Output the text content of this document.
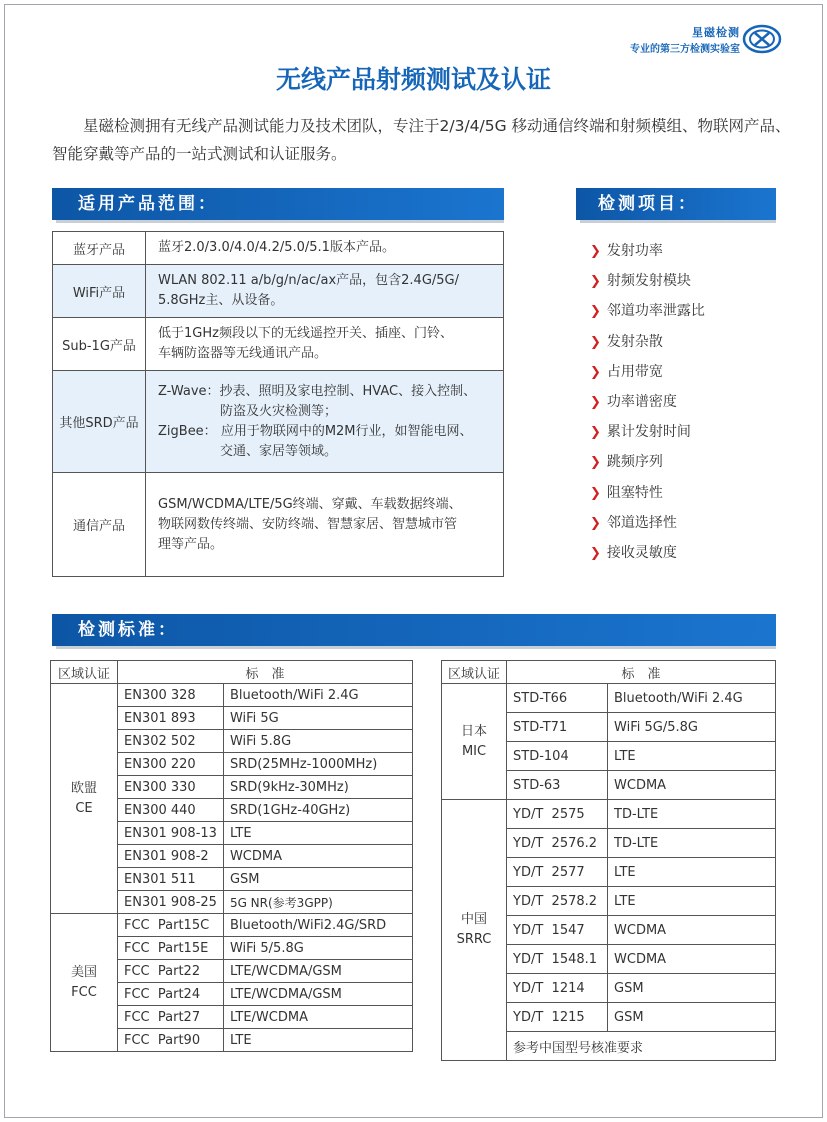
星磁检测
专业的第三方检测实验室
无线产品射频测试及认证
星磁检测拥有无线产品测试能力及技术团队，专注于2/3/4/5G 移动通信终端和射频模组、物联网产品、智能穿戴等产品的一站式测试和认证服务。
适用产品范围：	检测项目：
蓝牙产品	蓝牙2.0/3.0/4.0/4.2/5.0/5.1版本产品。

WiFi产品	WLAN 802.11 a/b/g/n/ac/ax产品，包含2.4G/5G/
5.8GHz主、从设备。

Sub-1G产品	低于1GHz频段以下的无线遥控开关、插座、门铃、
车辆防盗器等无线通讯产品。

其他SRD产品	Z-Wave：抄表、照明及家电控制、HVAC、接入控制、
防盗及火灾检测等；
ZigBee： 应用于物联网中的M2M行业，如智能电网、
交通、家居等领域。

通信产品	GSM/WCDMA/LTE/5G终端、穿戴、车载数据终端、
物联网数传终端、安防终端、智慧家居、智慧城市管
理等产品。
❯ 发射功率
❯ 射频发射模块
❯ 邻道功率泄露比
❯ 发射杂散
❯ 占用带宽
❯ 功率谱密度
❯ 累计发射时间
❯ 跳频序列
❯ 阻塞特性
❯ 邻道选择性
❯ 接收灵敏度
检测标准：
区域认证	标　准	

欧盟
CE	EN300 328	Bluetooth/WiFi 2.4G
	EN301 893	WiFi 5G
	EN302 502	WiFi 5.8G
	EN300 220	SRD(25MHz-1000MHz)
	EN300 330	SRD(9kHz-30MHz)
	EN300 440	SRD(1GHz-40GHz)
	EN301 908-13	LTE
	EN301 908-2	WCDMA
	EN301 511	GSM
	EN301 908-25	5G NR(参考3GPP)

美国
FCC	FCC  Part15C	Bluetooth/WiFi2.4G/SRD
	FCC  Part15E	WiFi 5/5.8G
	FCC  Part22	LTE/WCDMA/GSM
	FCC  Part24	LTE/WCDMA/GSM
	FCC  Part27	LTE/WCDMA
	FCC  Part90	LTE
区域认证	标　准	

日本
MIC	STD-T66	Bluetooth/WiFi 2.4G
	STD-T71	WiFi 5G/5.8G
	STD-104	LTE
	STD-63	WCDMA

中国
SRRC	YD/T  2575	TD-LTE
	YD/T  2576.2	TD-LTE
	YD/T  2577	LTE
	YD/T  2578.2	LTE
	YD/T  1547	WCDMA
	YD/T  1548.1	WCDMA
	YD/T  1214	GSM
	YD/T  1215	GSM
	参考中国型号核准要求	
